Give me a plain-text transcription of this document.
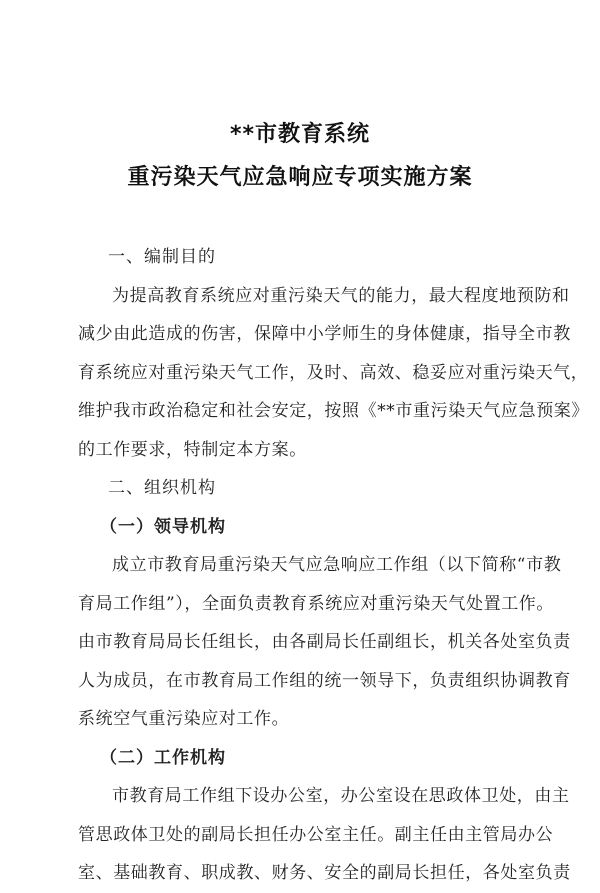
**市教育系统
重污染天气应急响应专项实施方案
一、编制目的
为提高教育系统应对重污染天气的能力，最大程度地预防和
减少由此造成的伤害，保障中小学师生的身体健康，指导全市教
育系统应对重污染天气工作，及时、高效、稳妥应对重污染天气，
维护我市政治稳定和社会安定，按照《**市重污染天气应急预案》
的工作要求，特制定本方案。
二、组织机构
（一）领导机构
成立市教育局重污染天气应急响应工作组（以下简称“市教
育局工作组”），全面负责教育系统应对重污染天气处置工作。
由市教育局局长任组长，由各副局长任副组长，机关各处室负责
人为成员，在市教育局工作组的统一领导下，负责组织协调教育
系统空气重污染应对工作。
（二）工作机构
市教育局工作组下设办公室，办公室设在思政体卫处，由主
管思政体卫处的副局长担任办公室主任。副主任由主管局办公
室、基础教育、职成教、财务、安全的副局长担任，各处室负责
